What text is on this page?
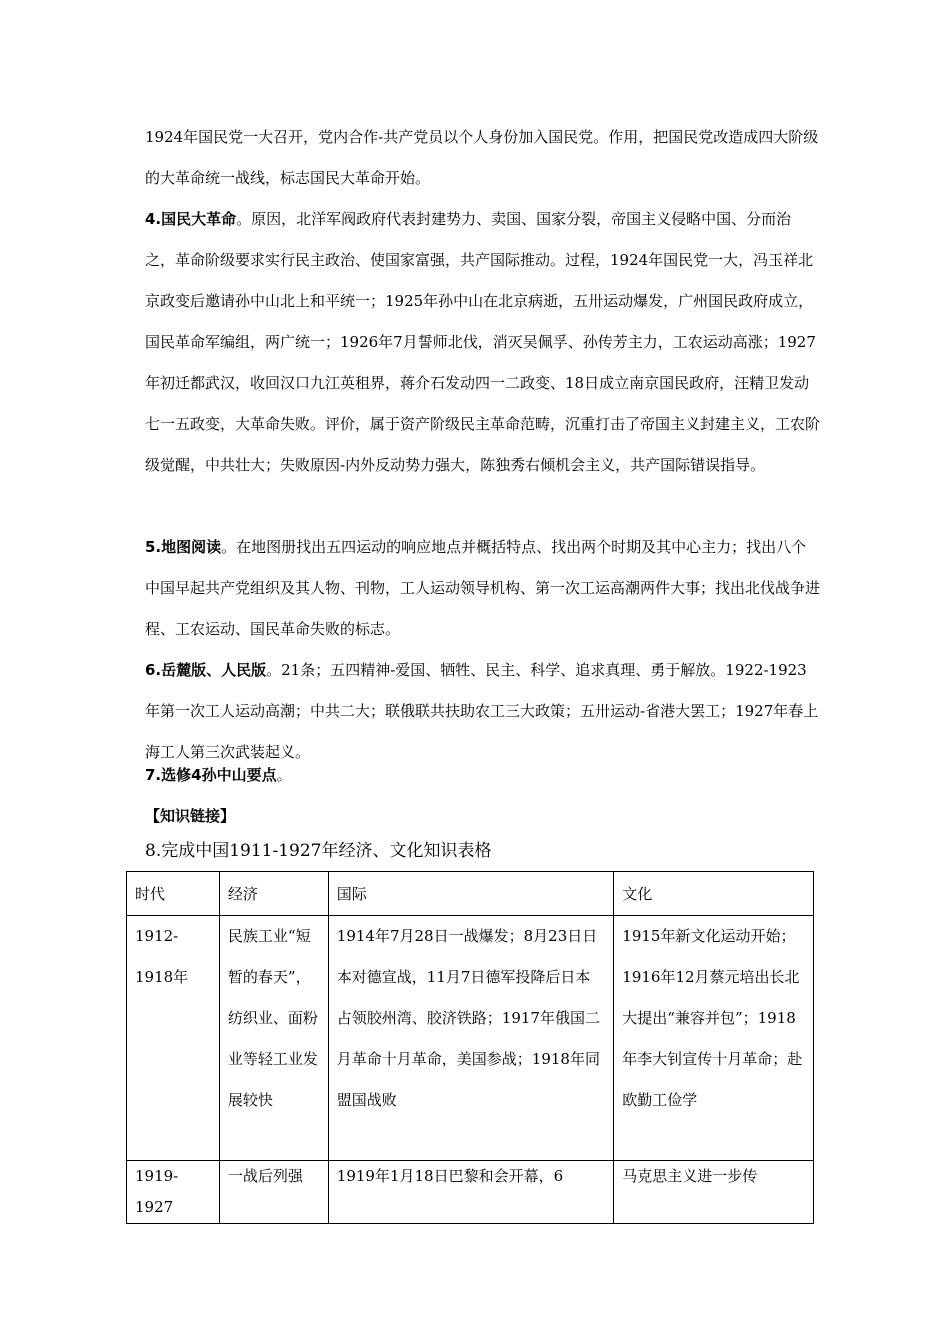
1924年国民党一大召开，党内合作-共产党员以个人身份加入国民党。作用，把国民党改造成四大阶级的大革命统一战线，标志国民大革命开始。

4.国民大革命。原因，北洋军阀政府代表封建势力、卖国、国家分裂，帝国主义侵略中国、分而治之，革命阶级要求实行民主政治、使国家富强，共产国际推动。过程，1924年国民党一大，冯玉祥北京政变后邀请孙中山北上和平统一；1925年孙中山在北京病逝，五卅运动爆发，广州国民政府成立，国民革命军编组，两广统一；1926年7月誓师北伐，消灭吴佩孚、孙传芳主力，工农运动高涨；1927年初迁都武汉，收回汉口九江英租界，蒋介石发动四一二政变、18日成立南京国民政府，汪精卫发动七一五政变，大革命失败。评价，属于资产阶级民主革命范畴，沉重打击了帝国主义封建主义，工农阶级觉醒，中共壮大；失败原因-内外反动势力强大，陈独秀右倾机会主义，共产国际错误指导。

5.地图阅读。在地图册找出五四运动的响应地点并概括特点、找出两个时期及其中心主力；找出八个中国早起共产党组织及其人物、刊物，工人运动领导机构、第一次工运高潮两件大事；找出北伐战争进程、工农运动、国民革命失败的标志。

6.岳麓版、人民版。21条；五四精神-爱国、牺牲、民主、科学、追求真理、勇于解放。1922-1923年第一次工人运动高潮；中共二大；联俄联共扶助农工三大政策；五卅运动-省港大罢工；1927年春上海工人第三次武装起义。

7.选修4孙中山要点。

【知识链接】

8.完成中国1911-1927年经济、文化知识表格

时代	经济	国际	文化
1912-1918年	民族工业“短暂的春天”，纺织业、面粉业等轻工业发展较快	1914年7月28日一战爆发；8月23日日本对德宣战，11月7日德军投降后日本占领胶州湾、胶济铁路；1917年俄国二月革命十月革命，美国参战；1918年同盟国战败	1915年新文化运动开始；1916年12月蔡元培出长北大提出“兼容并包”；1918年李大钊宣传十月革命；赴欧勤工俭学
1919-1927	一战后列强	1919年1月18日巴黎和会开幕，6	马克思主义进一步传
